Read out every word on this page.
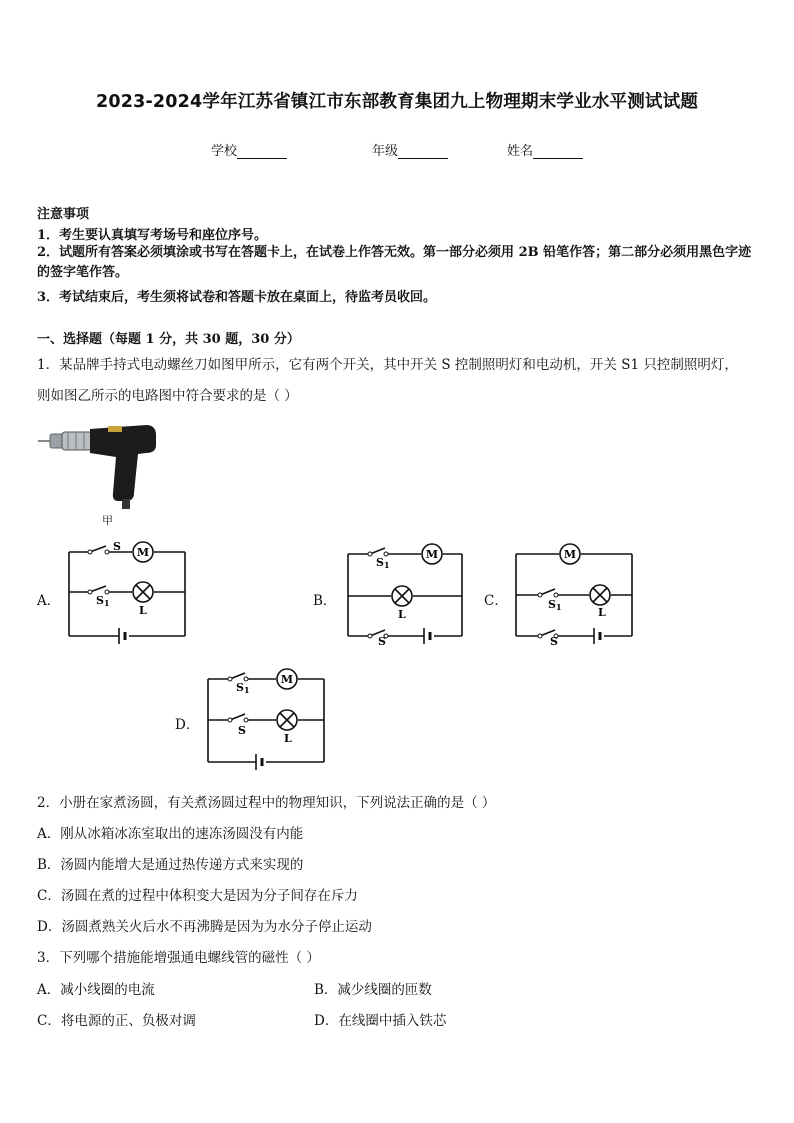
2023-2024学年江苏省镇江市东部教育集团九上物理期末学业水平测试试题
学校	年级	姓名
注意事项
1．考生要认真填写考场号和座位序号。
2．试题所有答案必须填涂或书写在答题卡上，在试卷上作答无效。第一部分必须用 2B 铅笔作答；第二部分必须用黑色字迹的签字笔作答。
3．考试结束后，考生须将试卷和答题卡放在桌面上，待监考员收回。
一、选择题（每题 1 分，共 30 题，30 分）
1．某品牌手持式电动螺丝刀如图甲所示，它有两个开关，其中开关 S 控制照明灯和电动机，开关 S1 只控制照明灯，
则如图乙所示的电路图中符合要求的是（ ）
甲
A．	B．	C．
D．
M
S
S 1
L
M
S 1
L
S
M
S 1	L
S
M
S 1
S
L
2．小册在家煮汤圆，有关煮汤圆过程中的物理知识，下列说法正确的是（ ）
A．刚从冰箱冰冻室取出的速冻汤圆没有内能
B．汤圆内能增大是通过热传递方式来实现的
C．汤圆在煮的过程中体积变大是因为分子间存在斥力
D．汤圆煮熟关火后水不再沸腾是因为为水分子停止运动
3．下列哪个措施能增强通电螺线管的磁性（ ）
A．减小线圈的电流	B．减少线圈的匝数
C．将电源的正、负极对调	D．在线圈中插入铁芯
